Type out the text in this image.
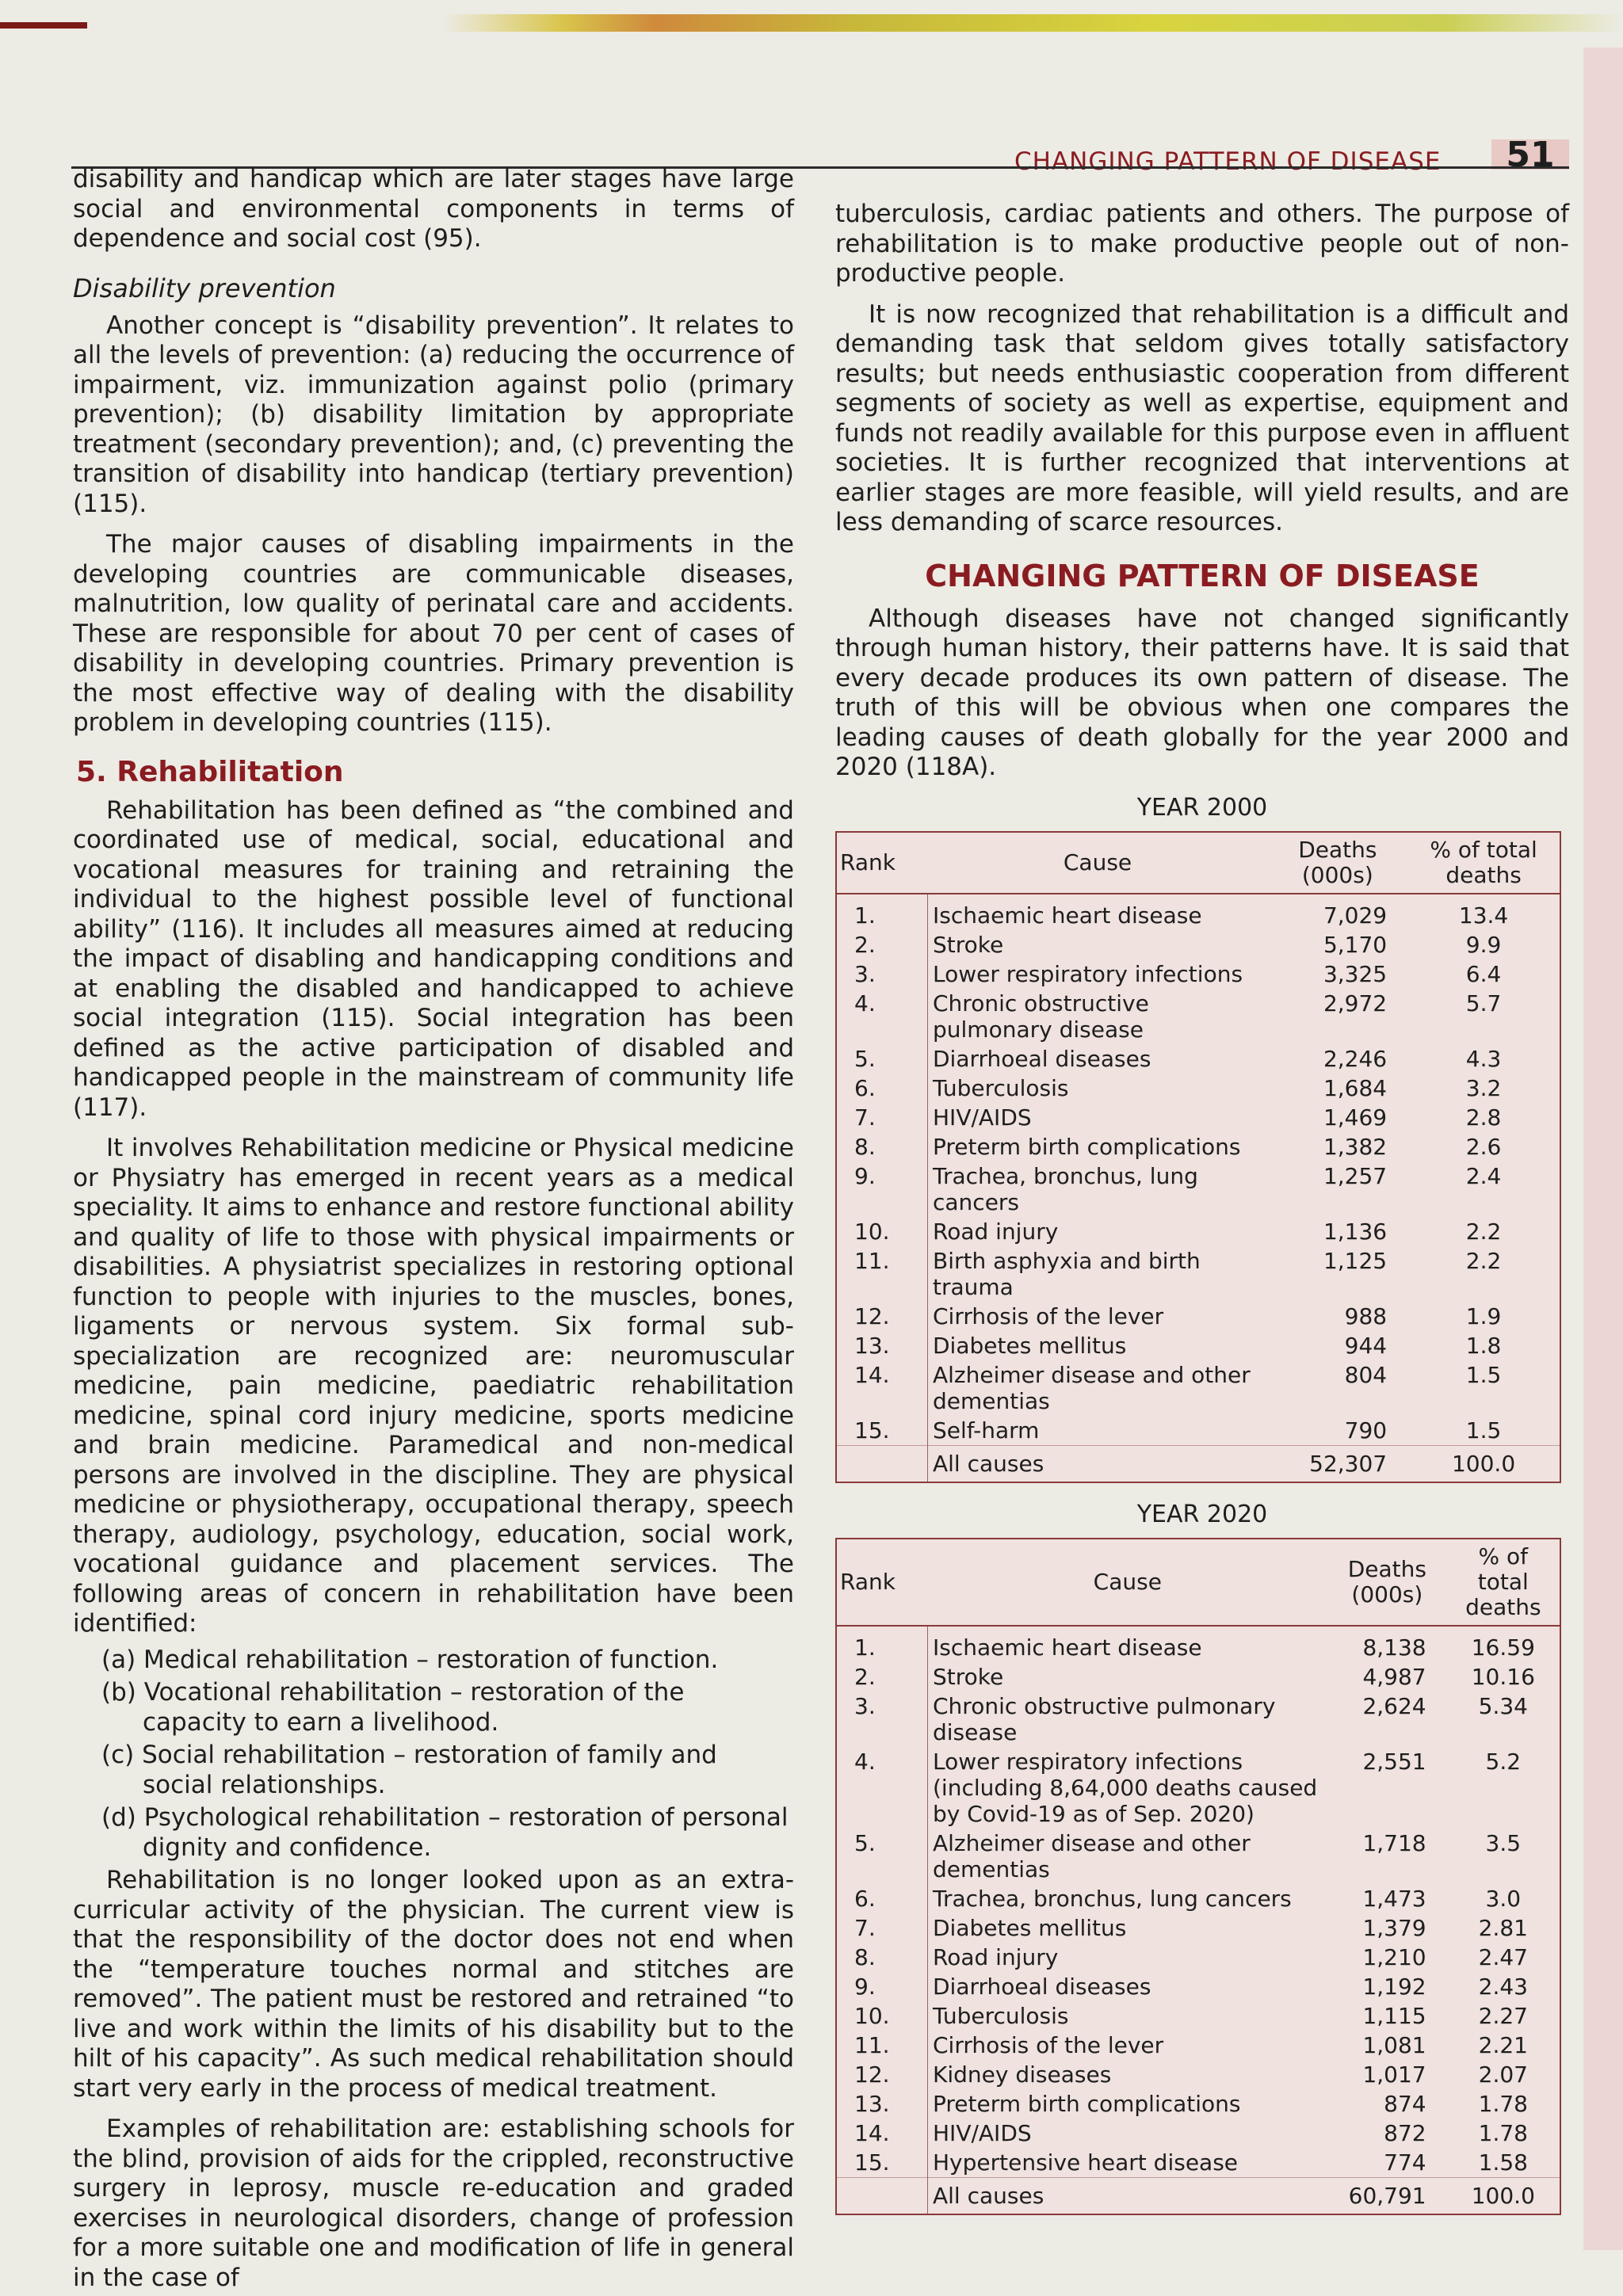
CHANGING PATTERN OF DISEASE	51

disability and handicap which are later stages have large social and environmental components in terms of dependence and social cost (95).

Disability prevention

Another concept is “disability prevention”. It relates to all the levels of prevention: (a) reducing the occurrence of impairment, viz. immunization against polio (primary prevention); (b) disability limitation by appropriate treatment (secondary prevention); and, (c) preventing the transition of disability into handicap (tertiary prevention) (115).

The major causes of disabling impairments in the developing countries are communicable diseases, malnutrition, low quality of perinatal care and accidents. These are responsible for about 70 per cent of cases of disability in developing countries. Primary prevention is the most effective way of dealing with the disability problem in developing countries (115).

5. Rehabilitation

Rehabilitation has been defined as “the combined and coordinated use of medical, social, educational and vocational measures for training and retraining the individual to the highest possible level of functional ability” (116). It includes all measures aimed at reducing the impact of disabling and handicapping conditions and at enabling the disabled and handicapped to achieve social integration (115). Social integration has been defined as the active participation of disabled and handicapped people in the mainstream of community life (117).

It involves Rehabilitation medicine or Physical medicine or Physiatry has emerged in recent years as a medical speciality. It aims to enhance and restore functional ability and quality of life to those with physical impairments or disabilities. A physiatrist specializes in restoring optional function to people with injuries to the muscles, bones, ligaments or nervous system. Six formal sub-specialization are recognized are: neuromuscular medicine, pain medicine, paediatric rehabilitation medicine, spinal cord injury medicine, sports medicine and brain medicine. Paramedical and non-medical persons are involved in the discipline. They are physical medicine or physiotherapy, occupational therapy, speech therapy, audiology, psychology, education, social work, vocational guidance and placement services. The following areas of concern in rehabilitation have been identified:

(a) Medical rehabilitation – restoration of function.
(b) Vocational rehabilitation – restoration of the capacity to earn a livelihood.
(c) Social rehabilitation – restoration of family and social relationships.
(d) Psychological rehabilitation – restoration of personal dignity and confidence.

Rehabilitation is no longer looked upon as an extra-curricular activity of the physician. The current view is that the responsibility of the doctor does not end when the “temperature touches normal and stitches are removed”. The patient must be restored and retrained “to live and work within the limits of his disability but to the hilt of his capacity”. As such medical rehabilitation should start very early in the process of medical treatment.

Examples of rehabilitation are: establishing schools for the blind, provision of aids for the crippled, reconstructive surgery in leprosy, muscle re-education and graded exercises in neurological disorders, change of profession for a more suitable one and modification of life in general in the case of

tuberculosis, cardiac patients and others. The purpose of rehabilitation is to make productive people out of non-productive people.

It is now recognized that rehabilitation is a difficult and demanding task that seldom gives totally satisfactory results; but needs enthusiastic cooperation from different segments of society as well as expertise, equipment and funds not readily available for this purpose even in affluent societies. It is further recognized that interventions at earlier stages are more feasible, will yield results, and are less demanding of scarce resources.

CHANGING PATTERN OF DISEASE

Although diseases have not changed significantly through human history, their patterns have. It is said that every decade produces its own pattern of disease. The truth of this will be obvious when one compares the leading causes of death globally for the year 2000 and 2020 (118A).

YEAR 2000
Rank	Cause	Deaths (000s)	% of total deaths
1.	Ischaemic heart disease	7,029	13.4
2.	Stroke	5,170	9.9
3.	Lower respiratory infections	3,325	6.4
4.	Chronic obstructive pulmonary disease	2,972	5.7
5.	Diarrhoeal diseases	2,246	4.3
6.	Tuberculosis	1,684	3.2
7.	HIV/AIDS	1,469	2.8
8.	Preterm birth complications	1,382	2.6
9.	Trachea, bronchus, lung cancers	1,257	2.4
10.	Road injury	1,136	2.2
11.	Birth asphyxia and birth trauma	1,125	2.2
12.	Cirrhosis of the lever	988	1.9
13.	Diabetes mellitus	944	1.8
14.	Alzheimer disease and other dementias	804	1.5
15.	Self-harm	790	1.5
	All causes	52,307	100.0
YEAR 2020
Rank	Cause	Deaths (000s)	% of total deaths
1.	Ischaemic heart disease	8,138	16.59
2.	Stroke	4,987	10.16
3.	Chronic obstructive pulmonary disease	2,624	5.34
4.	Lower respiratory infections (including 8,64,000 deaths caused by Covid-19 as of Sep. 2020)	2,551	5.2
5.	Alzheimer disease and other dementias	1,718	3.5
6.	Trachea, bronchus, lung cancers	1,473	3.0
7.	Diabetes mellitus	1,379	2.81
8.	Road injury	1,210	2.47
9.	Diarrhoeal diseases	1,192	2.43
10.	Tuberculosis	1,115	2.27
11.	Cirrhosis of the lever	1,081	2.21
12.	Kidney diseases	1,017	2.07
13.	Preterm birth complications	874	1.78
14.	HIV/AIDS	872	1.78
15.	Hypertensive heart disease	774	1.58
	All causes	60,791	100.0
